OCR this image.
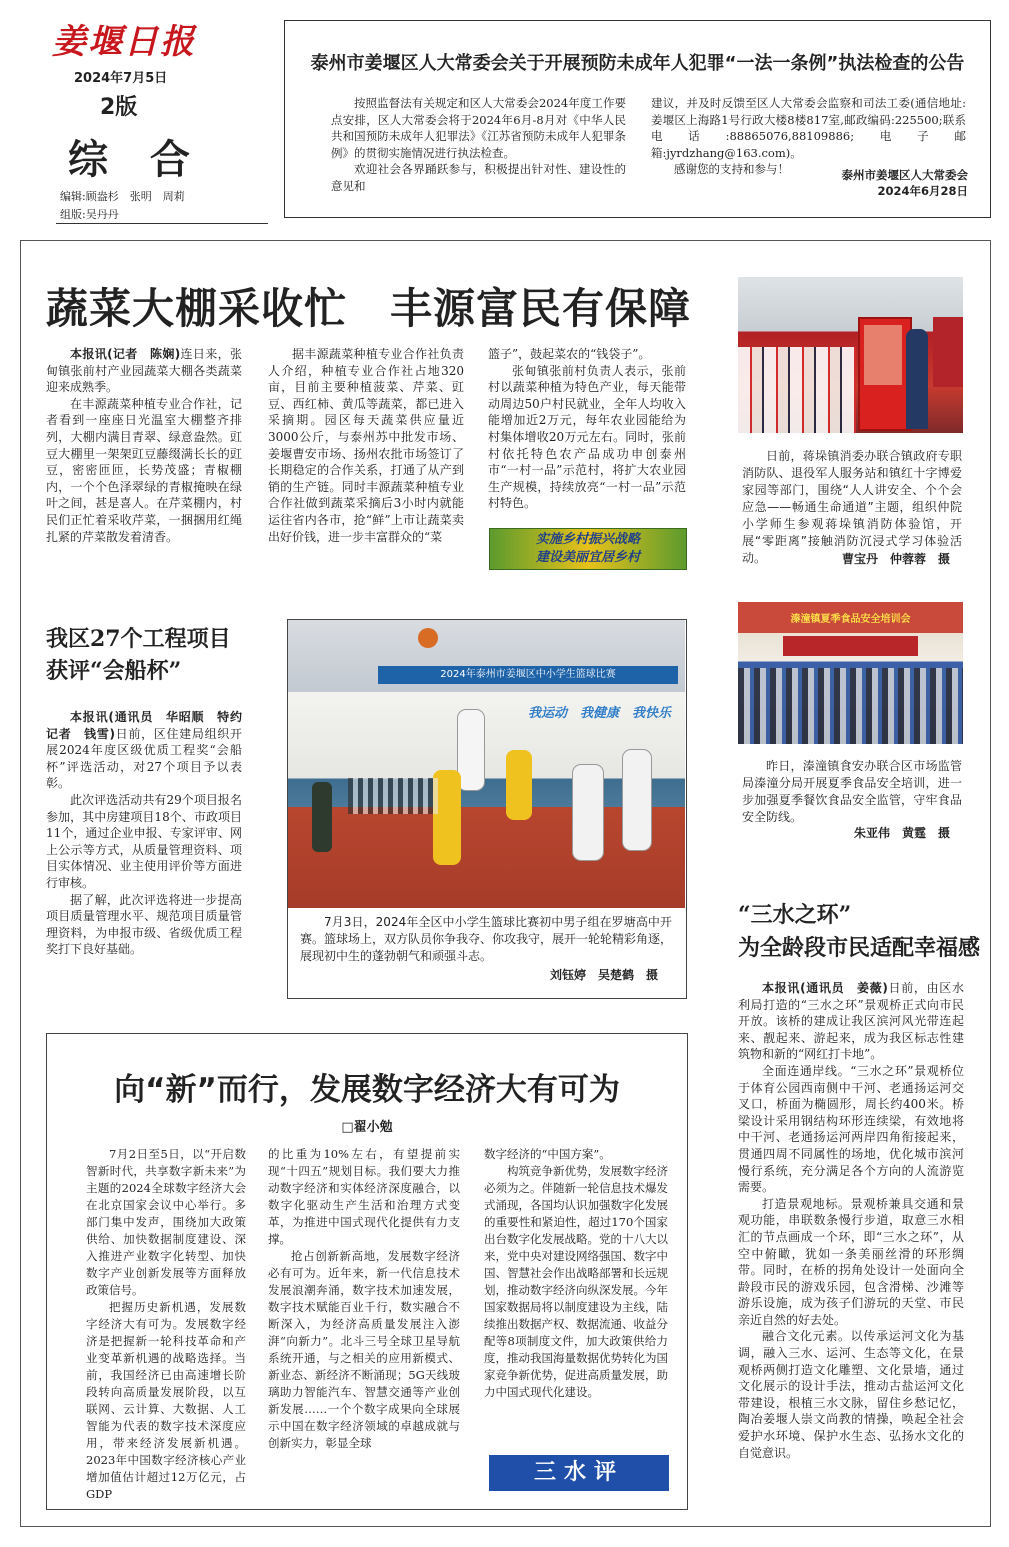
姜堰日报
2024年7月5日
2版
综 合
编辑:顾盎杉　张明　周莉
组版:吴丹丹
泰州市姜堰区人大常委会关于开展预防未成年人犯罪“一法一条例”执法检查的公告

按照监督法有关规定和区人大常委会2024年度工作要点安排，区人大常委会将于2024年6月-8月对《中华人民共和国预防未成年人犯罪法》《江苏省预防未成年人犯罪条例》的贯彻实施情况进行执法检查。

欢迎社会各界踊跃参与，积极提出针对性、建设性的意见和

建议，并及时反馈至区人大常委会监察和司法工委(通信地址:姜堰区上海路1号行政大楼8楼817室,邮政编码:225500;联系电话:88865076,88109886;电子邮箱:jyrdzhang@163.com)。

感谢您的支持和参与！	泰州市姜堰区人大常委会
2024年6月28日
蔬菜大棚采收忙　丰源富民有保障

本报讯(记者　陈娴)连日来，张甸镇张前村产业园蔬菜大棚各类蔬菜迎来成熟季。

在丰源蔬菜种植专业合作社，记者看到一座座日光温室大棚整齐排列，大棚内满目青翠、绿意盎然。豇豆大棚里一架架豇豆藤缀满长长的豇豆，密密匝匝，长势茂盛；青椒棚内，一个个色泽翠绿的青椒掩映在绿叶之间，甚是喜人。在芹菜棚内，村民们正忙着采收芹菜，一捆捆用红绳扎紧的芹菜散发着清香。

据丰源蔬菜种植专业合作社负责人介绍，种植专业合作社占地320亩，目前主要种植菠菜、芹菜、豇豆、西红柿、黄瓜等蔬菜，都已进入采摘期。园区每天蔬菜供应量近3000公斤，与泰州苏中批发市场、姜堰曹安市场、扬州农批市场签订了长期稳定的合作关系，打通了从产到销的生产链。同时丰源蔬菜种植专业合作社做到蔬菜采摘后3小时内就能运往省内各市，抢“鲜”上市让蔬菜卖出好价钱，进一步丰富群众的“菜

篮子”，鼓起菜农的“钱袋子”。

张甸镇张前村负责人表示，张前村以蔬菜种植为特色产业，每天能带动周边50户村民就业，全年人均收入能增加近2万元，每年农业园能给为村集体增收20万元左右。同时，张前村依托特色农产品成功申创泰州市“一村一品”示范村，将扩大农业园生产规模，持续放亮“一村一品”示范村特色。

实施乡村振兴战略
建设美丽宜居乡村
日前，蒋垛镇消委办联合镇政府专职消防队、退役军人服务站和镇红十字博爱家园等部门，围绕“人人讲安全、个个会应急——畅通生命通道”主题，组织仲院小学师生参观蒋垛镇消防体验馆，开展“零距离”接触消防沉浸式学习体验活动。	曹宝丹　仲蓉蓉　摄
溱潼镇夏季食品安全培训会
昨日，溱潼镇食安办联合区市场监管局溱潼分局开展夏季食品安全培训，进一步加强夏季餐饮食品安全监管，守牢食品安全防线。
朱亚伟　黄霆　摄
我区27个工程项目
获评“会船杯”

本报讯(通讯员　华昭顺　特约记者　钱雪)日前，区住建局组织开展2024年度区级优质工程奖“会船杯”评选活动，对27个项目予以表彰。

此次评选活动共有29个项目报名参加，其中房建项目18个、市政项目11个，通过企业申报、专家评审、网上公示等方式，从质量管理资料、项目实体情况、业主使用评价等方面进行审核。

据了解，此次评选将进一步提高项目质量管理水平、规范项目质量管理资料，为申报市级、省级优质工程奖打下良好基础。

2024年泰州市姜堰区中小学生篮球比赛
我运动　我健康　我快乐
7月3日，2024年全区中小学生篮球比赛初中男子组在罗塘高中开赛。篮球场上，双方队员你争我夺、你攻我守，展开一轮轮精彩角逐，展现初中生的蓬勃朝气和顽强斗志。
刘钰婷　吴楚鹤　摄
“三水之环”
为全龄段市民适配幸福感

本报讯(通讯员　姜薇)日前，由区水利局打造的“三水之环”景观桥正式向市民开放。该桥的建成让我区滨河风光带连起来、靓起来、游起来，成为我区标志性建筑物和新的“网红打卡地”。

全面连通岸线。“三水之环”景观桥位于体育公园西南侧中干河、老通扬运河交叉口，桥面为椭圆形，周长约400米。桥梁设计采用钢结构环形连续梁，有效地将中干河、老通扬运河两岸四角衔接起来，贯通四周不同属性的场地，优化城市滨河慢行系统，充分满足各个方向的人流游览需要。

打造景观地标。景观桥兼具交通和景观功能，串联数条慢行步道，取意三水相汇的节点画成一个环，即“三水之环”，从空中俯瞰，犹如一条美丽丝滑的环形绸带。同时，在桥的拐角处设计一处面向全龄段市民的游戏乐园，包含滑梯、沙滩等游乐设施，成为孩子们游玩的天堂、市民亲近自然的好去处。

融合文化元素。以传承运河文化为基调，融入三水、运河、生态等文化，在景观桥两侧打造文化雕塑、文化景墙，通过文化展示的设计手法，推动古盐运河文化带建设，根植三水文脉，留住乡愁记忆，陶冶姜堰人崇文尚教的情操，唤起全社会爱护水环境、保护水生态、弘扬水文化的自觉意识。

向“新”而行，发展数字经济大有可为
□翟小勉

7月2日至5日，以“开启数智新时代，共享数字新未来”为主题的2024全球数字经济大会在北京国家会议中心举行。多部门集中发声，围绕加大政策供给、加快数据制度建设、深入推进产业数字化转型、加快数字产业创新发展等方面释放政策信号。

把握历史新机遇，发展数字经济大有可为。发展数字经济是把握新一轮科技革命和产业变革新机遇的战略选择。当前，我国经济已由高速增长阶段转向高质量发展阶段，以互联网、云计算、大数据、人工智能为代表的数字技术深度应用，带来经济发展新机遇。2023年中国数字经济核心产业增加值估计超过12万亿元，占GDP

的比重为10%左右，有望提前实现“十四五”规划目标。我们要大力推动数字经济和实体经济深度融合，以数字化驱动生产生活和治理方式变革，为推进中国式现代化提供有力支撑。

抢占创新新高地，发展数字经济必有可为。近年来，新一代信息技术发展浪潮奔涌，数字技术加速发展，数字技术赋能百业千行，数实融合不断深入，为经济高质量发展注入澎湃“向新力”。北斗三号全球卫星导航系统开通，与之相关的应用新模式、新业态、新经济不断涌现；5G天线玻璃助力智能汽车、智慧交通等产业创新发展……一个个数字成果向全球展示中国在数字经济领域的卓越成就与创新实力，彰显全球

数字经济的“中国方案”。

构筑竞争新优势，发展数字经济必须为之。伴随新一轮信息技术爆发式涌现，各国均认识加强数字化发展的重要性和紧迫性，超过170个国家出台数字化发展战略。党的十八大以来，党中央对建设网络强国、数字中国、智慧社会作出战略部署和长远规划，推动数字经济向纵深发展。今年国家数据局将以制度建设为主线，陆续推出数据产权、数据流通、收益分配等8项制度文件，加大政策供给力度，推动我国海量数据优势转化为国家竞争新优势，促进高质量发展，助力中国式现代化建设。

三水评
